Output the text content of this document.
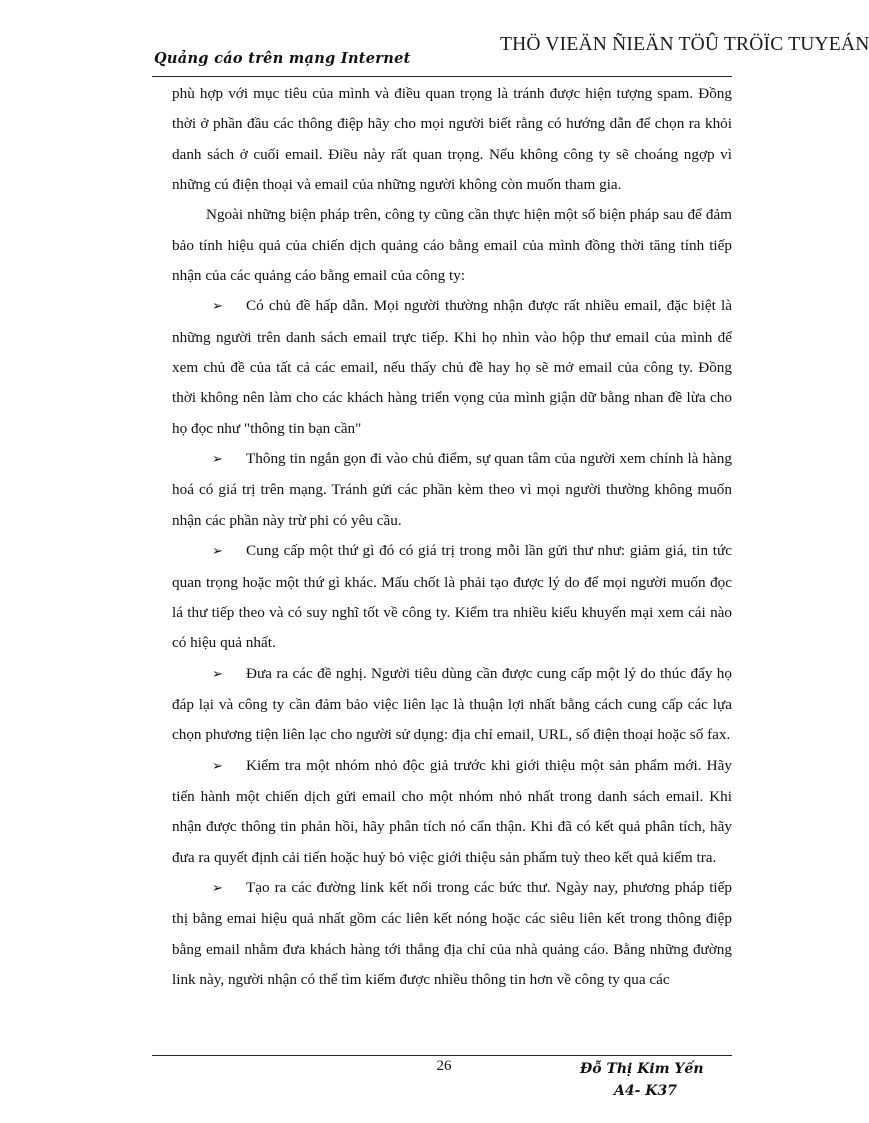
THÖ VIEÄN ÑIEÄN TÖÛ TRÖÏC TUYEÁN
Quảng cáo trên mạng Internet

phù hợp với mục tiêu của mình và điều quan trọng là tránh được hiện tượng spam. Đồng thời ở phần đầu các thông điệp hãy cho mọi người biết rằng có hướng dẫn để chọn ra khỏi danh sách ở cuối email. Điều này rất quan trọng. Nếu không công ty sẽ choáng ngợp vì những cú điện thoại và email của những người không còn muốn tham gia.

Ngoài những biện pháp trên, công ty cũng cần thực hiện một số biện pháp sau để đảm bảo tính hiệu quả của chiến dịch quảng cáo bằng email của mình đồng thời tăng tính tiếp nhận của các quảng cáo bằng email của công ty:

➢ Có chủ đề hấp dẫn. Mọi người thường nhận được rất nhiều email, đặc biệt là những người trên danh sách email trực tiếp. Khi họ nhìn vào hộp thư email của mình để xem chủ đề của tất cả các email, nếu thấy chủ đề hay họ sẽ mở email của công ty. Đồng thời không nên làm cho các khách hàng triển vọng của mình giận dữ bằng nhan đề lừa cho họ đọc như "thông tin bạn cần"

➢ Thông tin ngắn gọn đi vào chủ điểm, sự quan tâm của người xem chính là hàng hoá có giá trị trên mạng. Tránh gửi các phần kèm theo vì mọi người thường không muốn nhận các phần này trừ phi có yêu cầu.

➢ Cung cấp một thứ gì đó có giá trị trong mỗi lần gửi thư như: giảm giá, tin tức quan trọng hoặc một thứ gì khác. Mấu chốt là phải tạo được lý do để mọi người muốn đọc lá thư tiếp theo và có suy nghĩ tốt về công ty. Kiểm tra nhiều kiểu khuyến mại xem cái nào có hiệu quả nhất.

➢ Đưa ra các đề nghị. Người tiêu dùng cần được cung cấp một lý do thúc đẩy họ đáp lại và công ty cần đảm bảo việc liên lạc là thuận lợi nhất bằng cách cung cấp các lựa chọn phương tiện liên lạc cho người sử dụng: địa chỉ email, URL, số điện thoại hoặc số fax.

➢ Kiểm tra một nhóm nhỏ độc giả trước khi giới thiệu một sản phẩm mới. Hãy tiến hành một chiến dịch gửi email cho một nhóm nhỏ nhất trong danh sách email. Khi nhận được thông tin phản hồi, hãy phân tích nó cẩn thận. Khi đã có kết quả phân tích, hãy đưa ra quyết định cải tiến hoặc huỷ bỏ việc giới thiệu sản phẩm tuỳ theo kết quả kiểm tra.

➢ Tạo ra các đường link kết nối trong các bức thư. Ngày nay, phương pháp tiếp thị bằng emai hiệu quả nhất gồm các liên kết nóng hoặc các siêu liên kết trong thông điệp bằng email nhằm đưa khách hàng tới thẳng địa chỉ của nhà quảng cáo. Bằng những đường link này, người nhận có thể tìm kiếm được nhiều thông tin hơn về công ty qua các

26	Đỗ Thị Kim Yến
A4- K37
